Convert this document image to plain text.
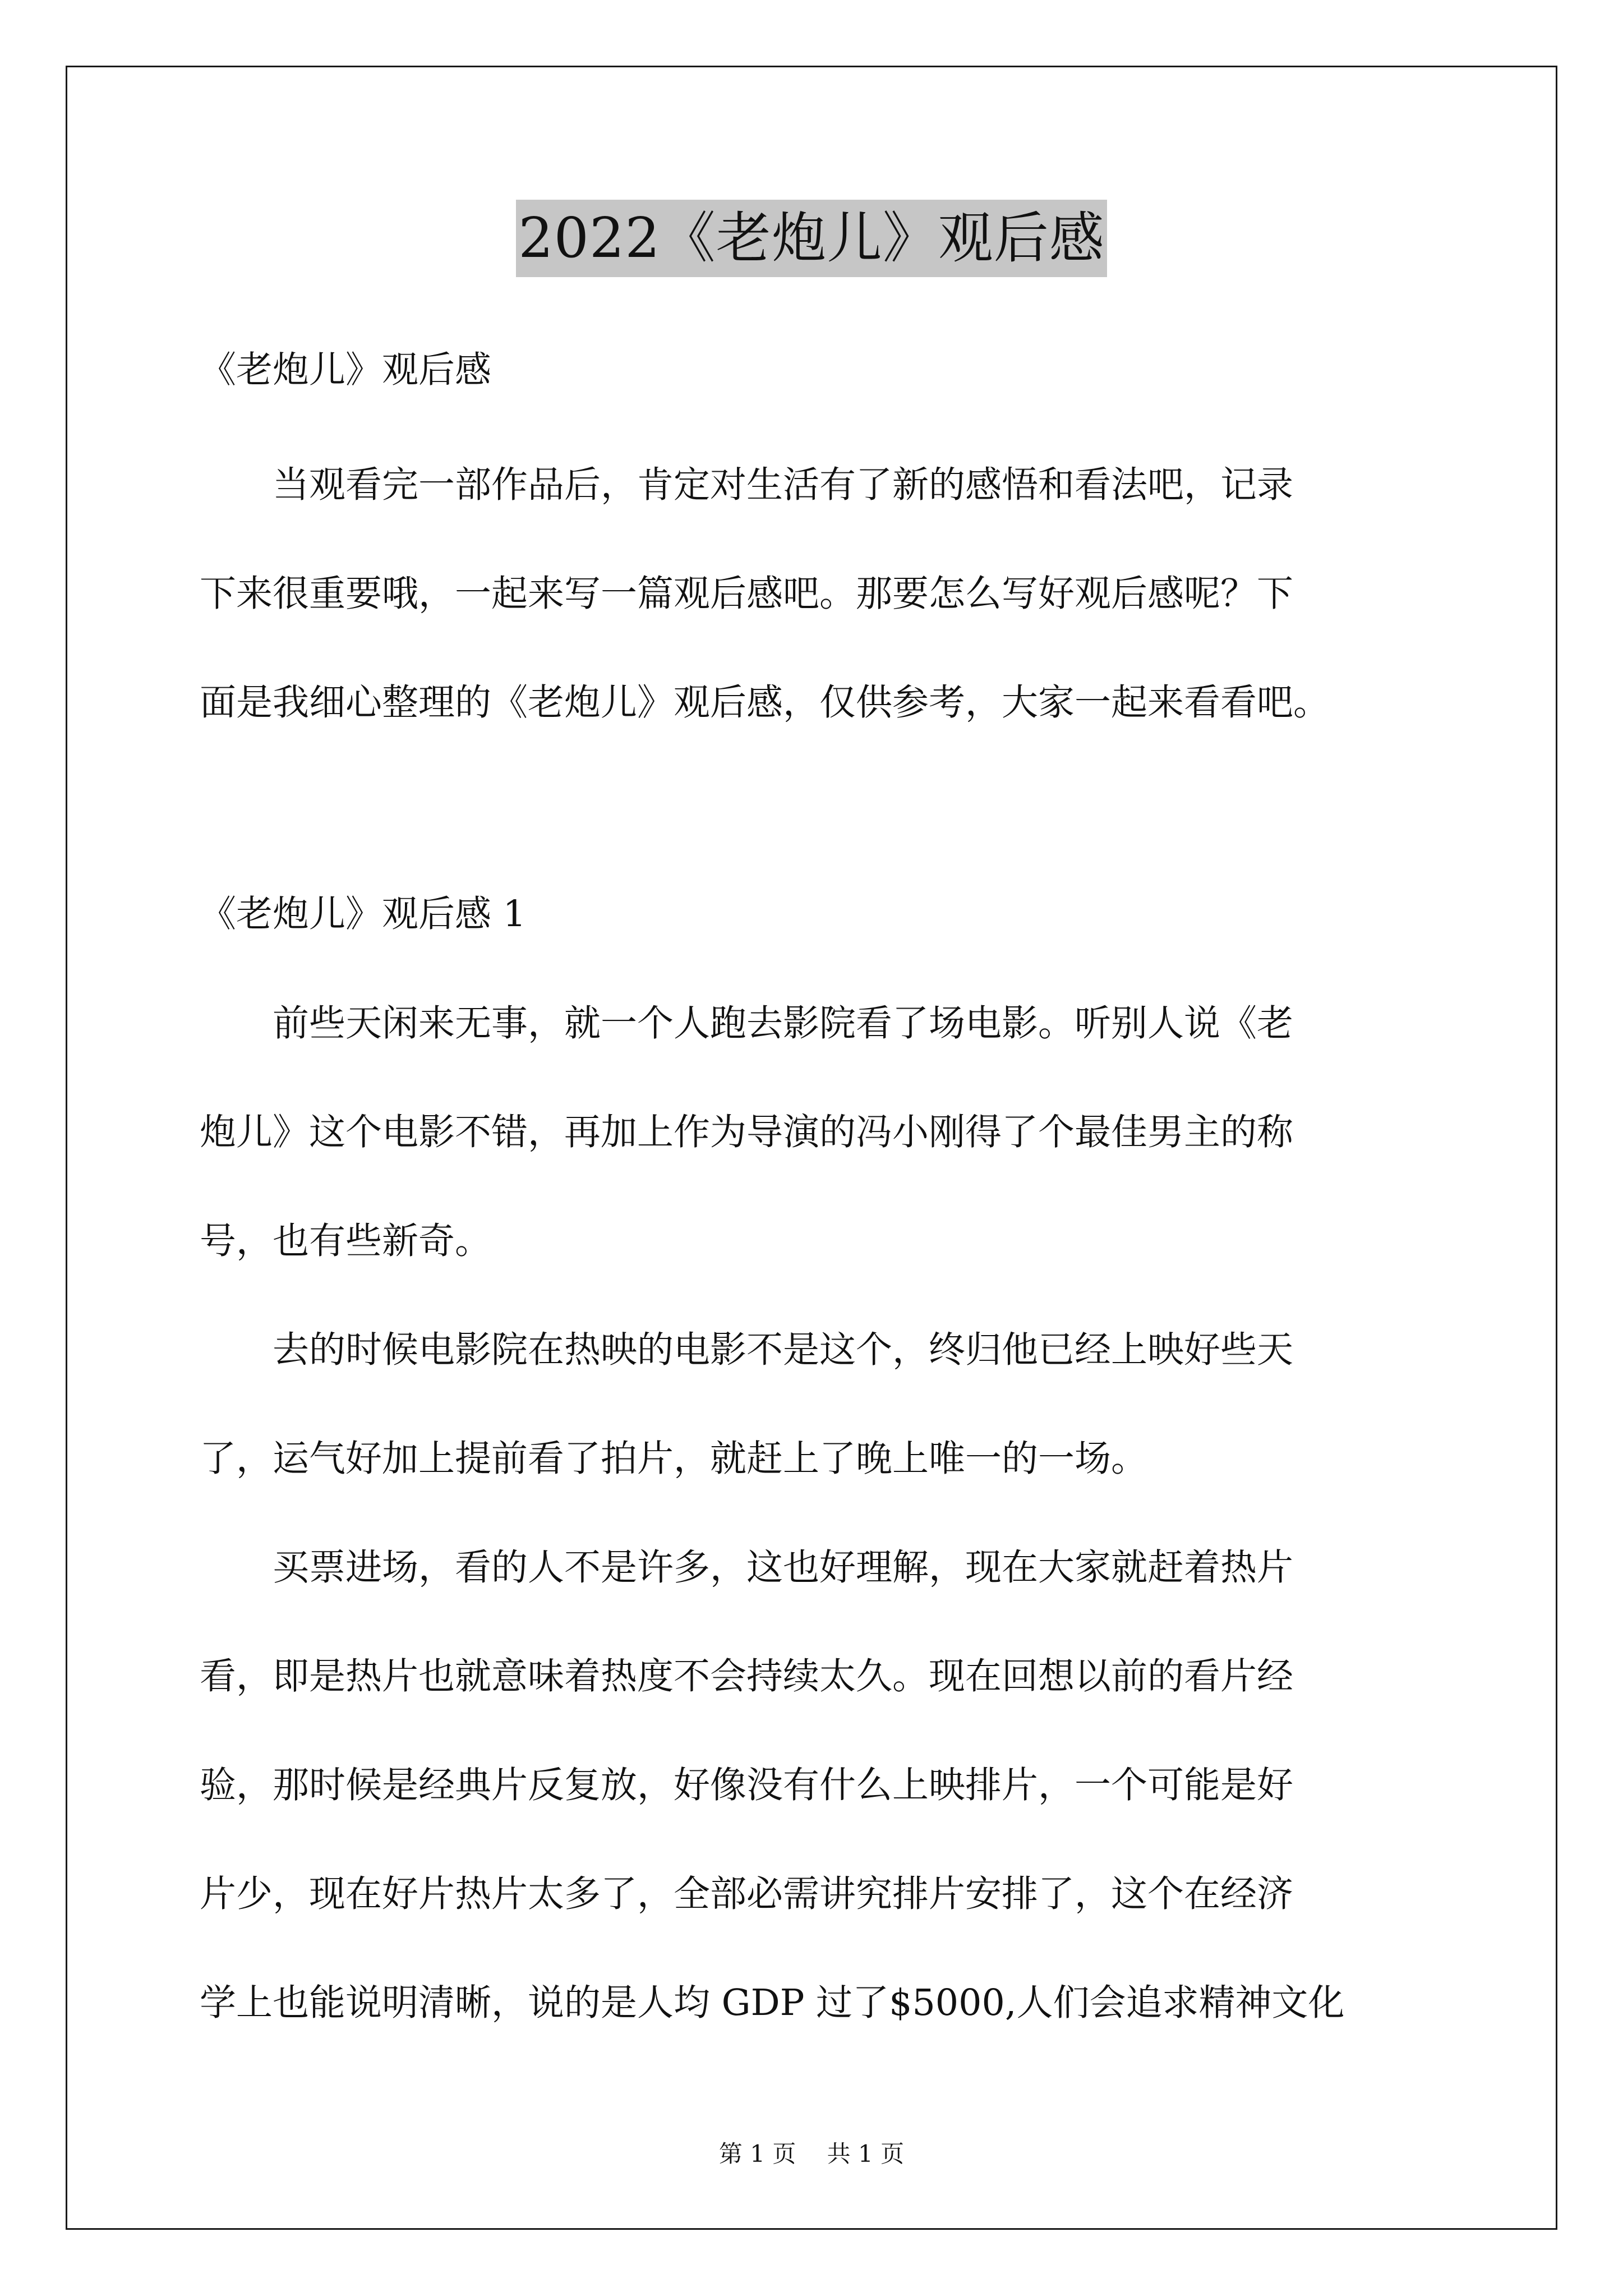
2022《老炮儿》观后感
《老炮儿》观后感
　　当观看完一部作品后，肯定对生活有了新的感悟和看法吧，记录
下来很重要哦，一起来写一篇观后感吧。那要怎么写好观后感呢？下
面是我细心整理的《老炮儿》观后感，仅供参考，大家一起来看看吧。
《老炮儿》观后感 1
　　前些天闲来无事，就一个人跑去影院看了场电影。听别人说《老
炮儿》这个电影不错，再加上作为导演的冯小刚得了个最佳男主的称
号，也有些新奇。
　　去的时候电影院在热映的电影不是这个，终归他已经上映好些天
了，运气好加上提前看了拍片，就赶上了晚上唯一的一场。
　　买票进场，看的人不是许多，这也好理解，现在大家就赶着热片
看，即是热片也就意味着热度不会持续太久。现在回想以前的看片经
验，那时候是经典片反复放，好像没有什么上映排片，一个可能是好
片少，现在好片热片太多了，全部必需讲究排片安排了，这个在经济
学上也能说明清晰，说的是人均 GDP 过了$5000,人们会追求精神文化
第 1 页　 共 1 页
